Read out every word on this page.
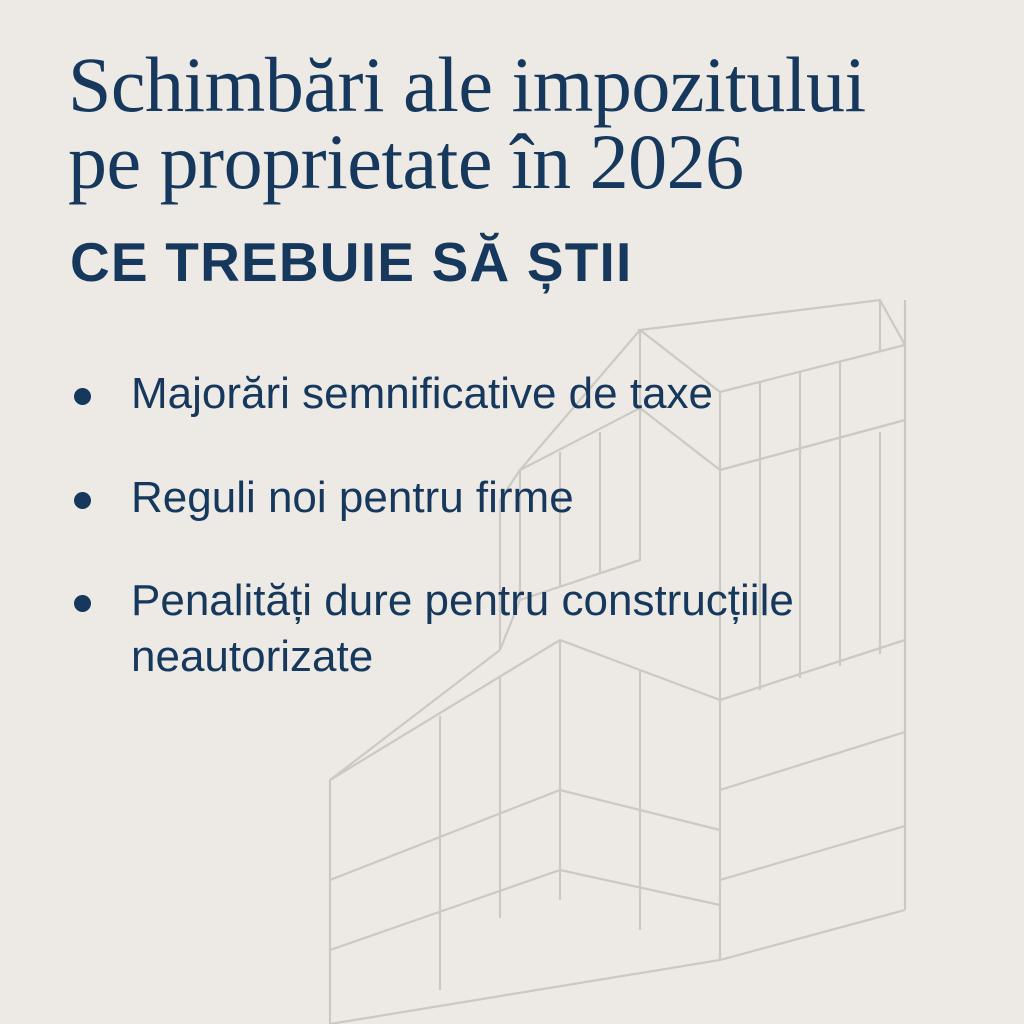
Schimbări ale impozitului
pe proprietate în 2026
CE TREBUIE SĂ ȘTII
Majorări semnificative de taxe
Reguli noi pentru firme
Penalități dure pentru construcțiile neautorizate
